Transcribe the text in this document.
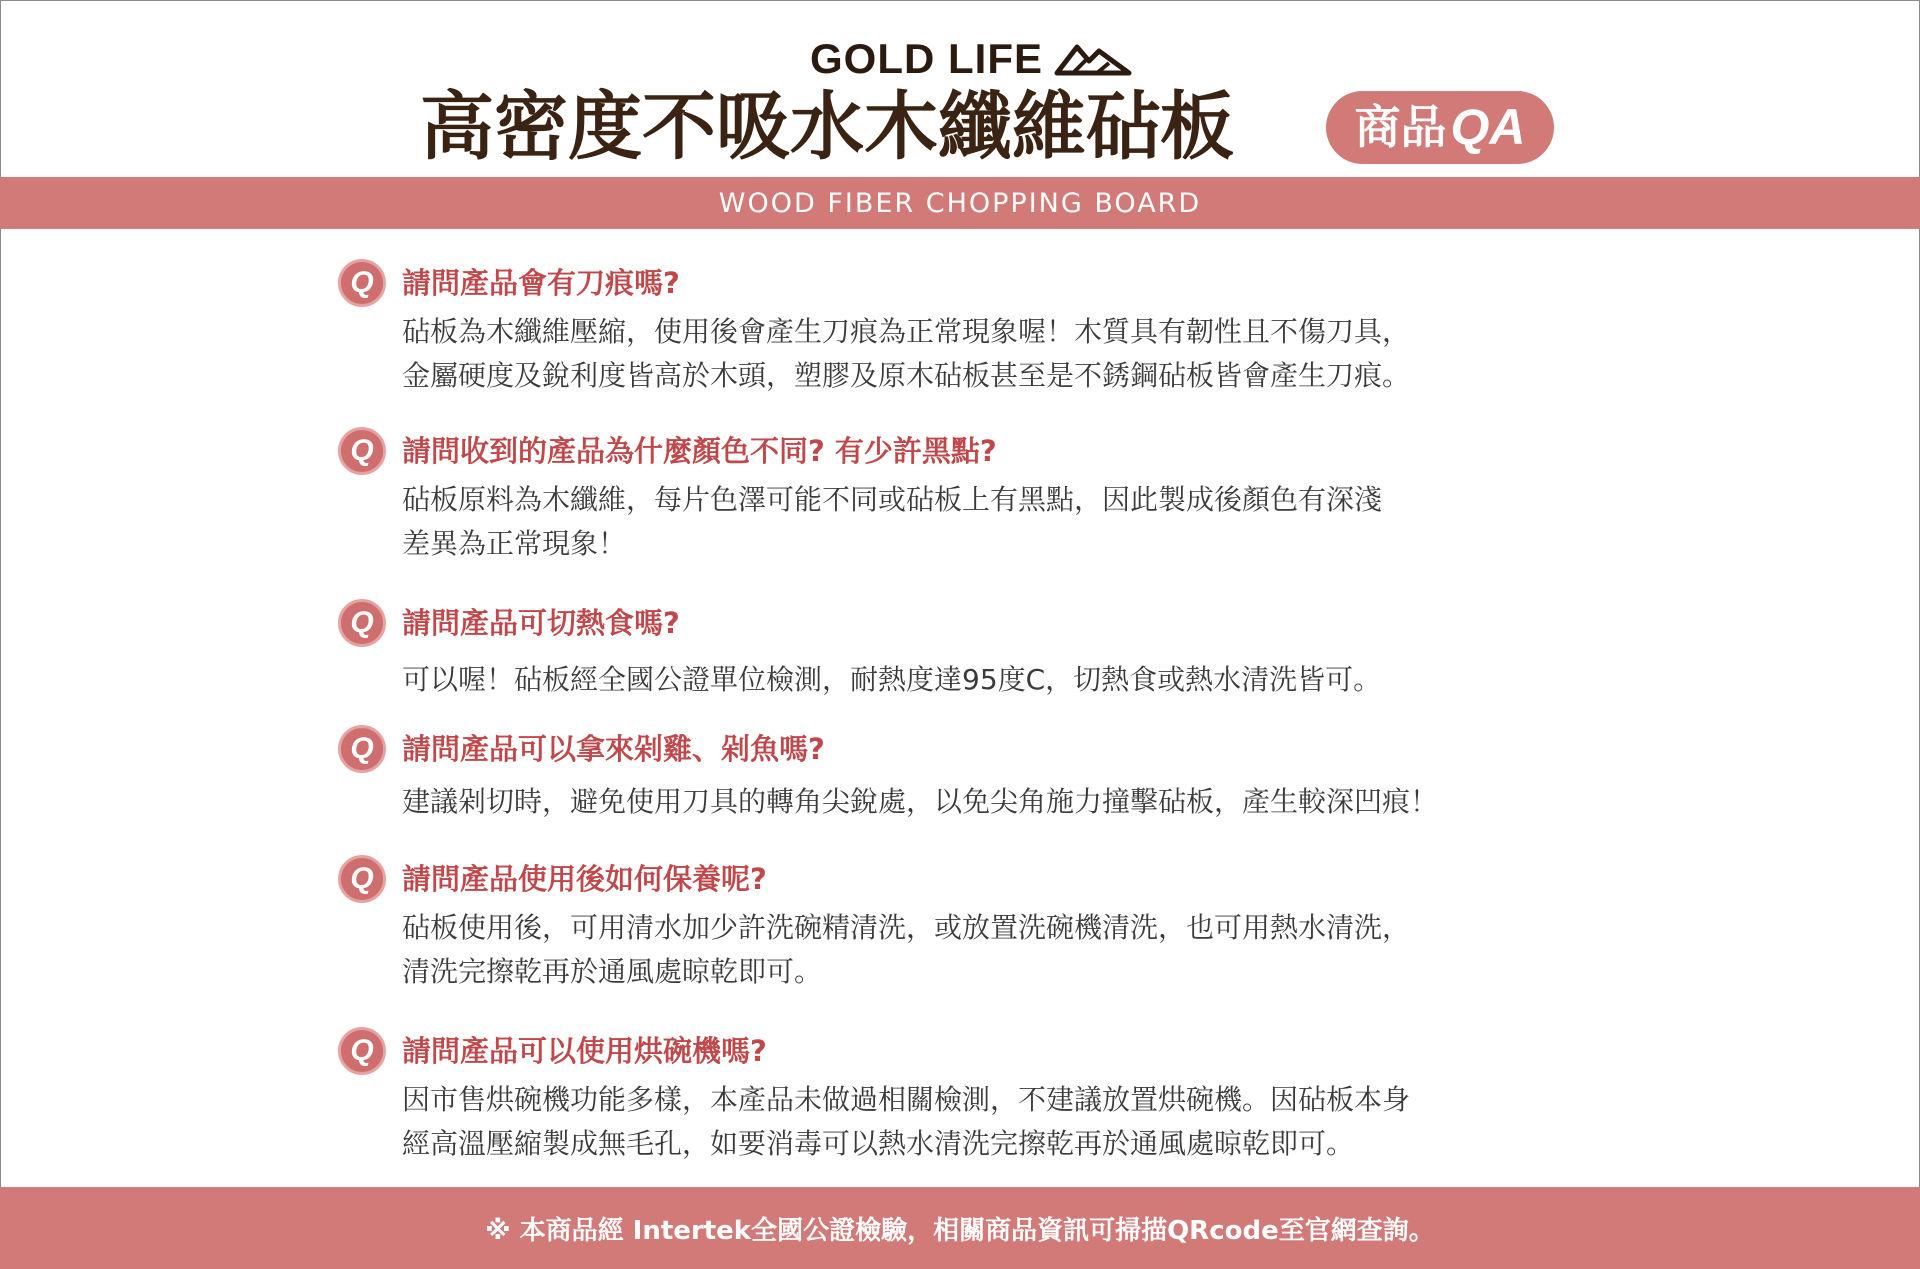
GOLD LIFE
高密度不吸水木纖維砧板	商品 QA
WOOD FIBER CHOPPING BOARD
Q 請問產品會有刀痕嗎?
砧板為木纖維壓縮，使用後會產生刀痕為正常現象喔！木質具有韌性且不傷刀具，
金屬硬度及銳利度皆高於木頭，塑膠及原木砧板甚至是不銹鋼砧板皆會產生刀痕。
Q 請問收到的產品為什麼顏色不同? 有少許黑點?
砧板原料為木纖維，每片色澤可能不同或砧板上有黑點，因此製成後顏色有深淺
差異為正常現象！
Q 請問產品可切熱食嗎?
可以喔！砧板經全國公證單位檢測，耐熱度達95度C，切熱食或熱水清洗皆可。
Q 請問產品可以拿來剁雞、剁魚嗎?
建議剁切時，避免使用刀具的轉角尖銳處，以免尖角施力撞擊砧板，產生較深凹痕！
Q 請問產品使用後如何保養呢?
砧板使用後，可用清水加少許洗碗精清洗，或放置洗碗機清洗，也可用熱水清洗，
清洗完擦乾再於通風處晾乾即可。
Q 請問產品可以使用烘碗機嗎?
因市售烘碗機功能多樣，本產品未做過相關檢測，不建議放置烘碗機。因砧板本身
經高溫壓縮製成無毛孔，如要消毒可以熱水清洗完擦乾再於通風處晾乾即可。
※ 本商品經 Intertek全國公證檢驗，相關商品資訊可掃描QRcode至官網查詢。
